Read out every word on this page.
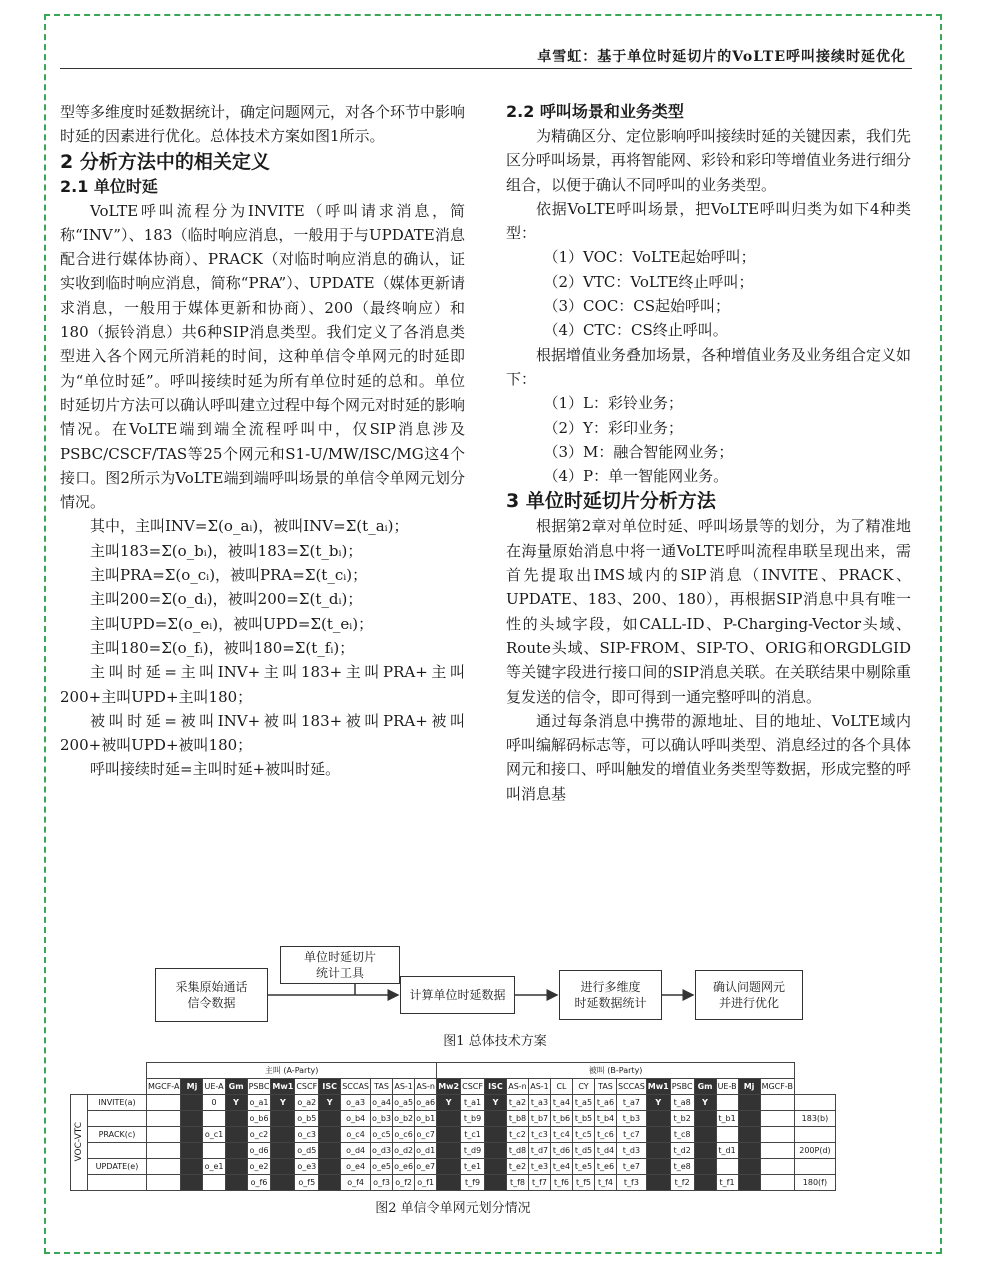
卓雪虹：基于单位时延切片的VoLTE呼叫接续时延优化

型等多维度时延数据统计，确定问题网元，对各个环节中影响时延的因素进行优化。总体技术方案如图1所示。

2 分析方法中的相关定义
2.1 单位时延

VoLTE呼叫流程分为INVITE（呼叫请求消息，简称“INV”）、183（临时响应消息，一般用于与UPDATE消息配合进行媒体协商）、PRACK（对临时响应消息的确认，证实收到临时响应消息，简称“PRA”）、UPDATE（媒体更新请求消息，一般用于媒体更新和协商）、200（最终响应）和180（振铃消息）共6种SIP消息类型。我们定义了各消息类型进入各个网元所消耗的时间，这种单信令单网元的时延即为“单位时延”。呼叫接续时延为所有单位时延的总和。单位时延切片方法可以确认呼叫建立过程中每个网元对时延的影响情况。在VoLTE端到端全流程呼叫中，仅SIP消息涉及PSBC/CSCF/TAS等25个网元和S1-U/MW/ISC/MG这4个接口。图2所示为VoLTE端到端呼叫场景的单信令单网元划分情况。

其中，主叫INV=Σ(o_aᵢ)，被叫INV=Σ(t_aᵢ)；

主叫183=Σ(o_bᵢ)，被叫183=Σ(t_bᵢ)；

主叫PRA=Σ(o_cᵢ)，被叫PRA=Σ(t_cᵢ)；

主叫200=Σ(o_dᵢ)，被叫200=Σ(t_dᵢ)；

主叫UPD=Σ(o_eᵢ)，被叫UPD=Σ(t_eᵢ)；

主叫180=Σ(o_fᵢ)，被叫180=Σ(t_fᵢ)；

主叫时延=主叫INV+主叫183+主叫PRA+主叫200+主叫UPD+主叫180；

被叫时延=被叫INV+被叫183+被叫PRA+被叫200+被叫UPD+被叫180；

呼叫接续时延=主叫时延+被叫时延。

2.2 呼叫场景和业务类型

为精确区分、定位影响呼叫接续时延的关键因素，我们先区分呼叫场景，再将智能网、彩铃和彩印等增值业务进行细分组合，以便于确认不同呼叫的业务类型。

依据VoLTE呼叫场景，把VoLTE呼叫归类为如下4种类型：

（1）VOC：VoLTE起始呼叫；

（2）VTC：VoLTE终止呼叫；

（3）COC：CS起始呼叫；

（4）CTC：CS终止呼叫。

根据增值业务叠加场景，各种增值业务及业务组合定义如下：

（1）L：彩铃业务；

（2）Y：彩印业务；

（3）M：融合智能网业务；

（4）P：单一智能网业务。

3 单位时延切片分析方法

根据第2章对单位时延、呼叫场景等的划分，为了精准地在海量原始消息中将一通VoLTE呼叫流程串联呈现出来，需首先提取出IMS域内的SIP消息（INVITE、PRACK、UPDATE、183、200、180），再根据SIP消息中具有唯一性的头域字段，如CALL-ID、P-Charging-Vector头域、Route头域、SIP-FROM、SIP-TO、ORIG和ORGDLGID等关键字段进行接口间的SIP消息关联。在关联结果中剔除重复发送的信令，即可得到一通完整呼叫的消息。

通过每条消息中携带的源地址、目的地址、VoLTE域内呼叫编解码标志等，可以确认呼叫类型、消息经过的各个具体网元和接口、呼叫触发的增值业务类型等数据，形成完整的呼叫消息基

单位时延切片
统计工具
采集原始通话
信令数据
计算单位时延数据
进行多维度
时延数据统计
确认问题网元
并进行优化
图1 总体技术方案
		主叫 (A-Party)												被叫 (B-Party)															
		MGCF-A	Mj	UE-A	Gm	PSBC	Mw1	CSCF	ISC	SCCAS	TAS	AS-1	AS-n	Mw2	CSCF	ISC	AS-n	AS-1	CL	CY	TAS	SCCAS	Mw1	PSBC	Gm	UE-B	Mj	MGCF-B	
VOC-VTC	INVITE(a)			0	Y	o_a1	Y	o_a2	Y	o_a3	o_a4	o_a5	o_a6	Y	t_a1	Y	t_a2	t_a3	t_a4	t_a5	t_a6	t_a7	Y	t_a8	Y				
						o_b6		o_b5		o_b4	o_b3	o_b2	o_b1		t_b9		t_b8	t_b7	t_b6	t_b5	t_b4	t_b3		t_b2		t_b1			183(b)
	PRACK(c)			o_c1		o_c2		o_c3		o_c4	o_c5	o_c6	o_c7		t_c1		t_c2	t_c3	t_c4	t_c5	t_c6	t_c7		t_c8					
						o_d6		o_d5		o_d4	o_d3	o_d2	o_d1		t_d9		t_d8	t_d7	t_d6	t_d5	t_d4	t_d3		t_d2		t_d1			200P(d)
	UPDATE(e)			o_e1		o_e2		o_e3		o_e4	o_e5	o_e6	o_e7		t_e1		t_e2	t_e3	t_e4	t_e5	t_e6	t_e7		t_e8					
						o_f6		o_f5		o_f4	o_f3	o_f2	o_f1		t_f9		t_f8	t_f7	t_f6	t_f5	t_f4	t_f3		t_f2		t_f1			180(f)
图2 单信令单网元划分情况
